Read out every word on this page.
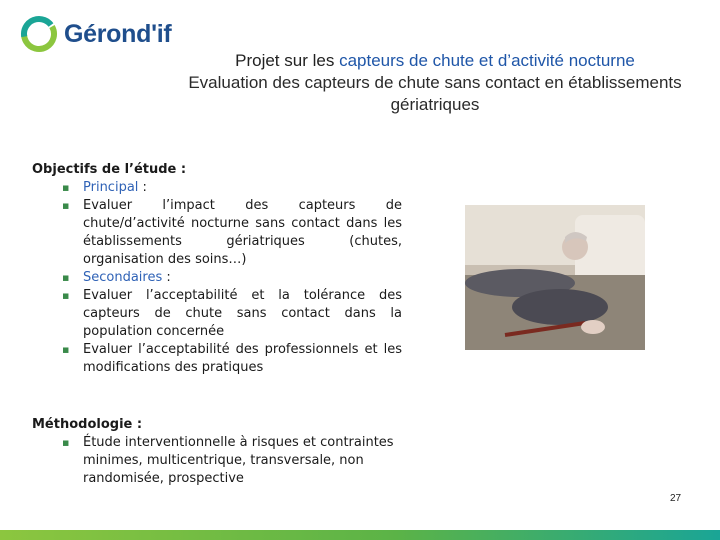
Gérond'if
Projet sur les capteurs de chute et d’activité nocturne
Evaluation des capteurs de chute sans contact en établissements gériatriques
Objectifs de l’étude :
▪ Principal :
▪ Evaluer l’impact des capteurs de chute/d’activité nocturne sans contact dans les établissements gériatriques (chutes, organisation des soins…)
▪ Secondaires :
▪ Evaluer l’acceptabilité et la tolérance des capteurs de chute sans contact dans la population concernée
▪ Evaluer l’acceptabilité des professionnels et les modifications des pratiques
Méthodologie :
▪ Étude interventionnelle à risques et contraintes minimes, multicentrique, transversale, non randomisée, prospective
27
